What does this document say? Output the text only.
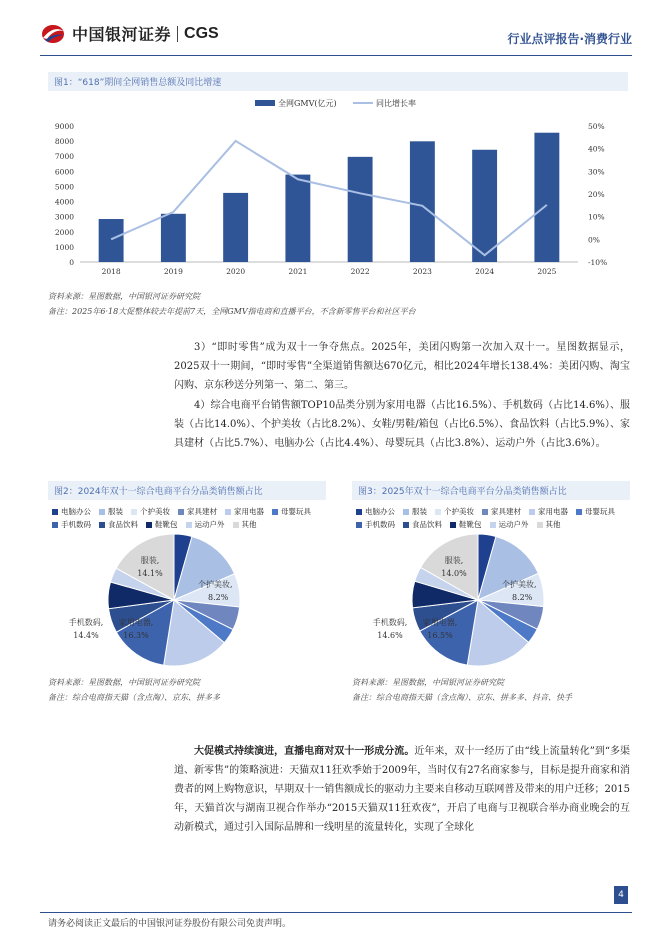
中国银河证券 CGS	行业点评报告·消费行业
图1：“618”期间全网销售总额及同比增速
全网GMV(亿元)	同比增长率
0
1000
2000
3000
4000
5000
6000
7000
8000
9000
-10%
0%
10%
20%
30%
40%
50%
2018	2019	2020	2021	2022	2023	2024	2025
资料来源：星图数据，中国银河证券研究院
备注：2025年6·18大促整体较去年提前7天，全网GMV指电商和直播平台，不含新零售平台和社区平台

3）“即时零售”成为双十一争夺焦点。2025年，美团闪购第一次加入双十一。星图数据显示，2025双十一期间，“即时零售”全渠道销售额达670亿元，相比2024年增长138.4%：美团闪购、淘宝闪购、京东秒送分列第一、第二、第三。

4）综合电商平台销售额TOP10品类分别为家用电器（占比16.5%）、手机数码（占比14.6%）、服装（占比14.0%）、个护美妆（占比8.2%）、女鞋/男鞋/箱包（占比6.5%）、食品饮料（占比5.9%）、家具建材（占比5.7%）、电脑办公（占比4.4%）、母婴玩具（占比3.8%）、运动户外（占比3.6%）。

图2：2024年双十一综合电商平台分品类销售额占比
电脑办公 服装 个护美妆 家具建材 家用电器 母婴玩具
手机数码 食品饮料 鞋靴包 运动户外 其他
服装,
14.1%
个护美妆,
8.2%
家用电器,
16.3%
手机数码,
14.4%
资料来源：星图数据，中国银河证券研究院
备注：综合电商指天猫（含点淘）、京东、拼多多
图3：2025年双十一综合电商平台分品类销售额占比
电脑办公 服装 个护美妆 家具建材 家用电器 母婴玩具
手机数码 食品饮料 鞋靴包 运动户外 其他
服装,
14.0%
个护美妆,
8.2%
家用电器,
16.5%
手机数码,
14.6%
资料来源：星图数据，中国银河证券研究院
备注：综合电商指天猫（含点淘）、京东、拼多多、抖音、快手

大促模式持续演进，直播电商对双十一形成分流。近年来，双十一经历了由“线上流量转化”到“多渠道、新零售”的策略演进：天猫双11狂欢季始于2009年，当时仅有27名商家参与，目标是提升商家和消费者的网上购物意识，早期双十一销售额成长的驱动力主要来自移动互联网普及带来的用户迁移；2015年，天猫首次与湖南卫视合作举办“2015天猫双11狂欢夜”，开启了电商与卫视联合举办商业晚会的互动新模式，通过引入国际品牌和一线明星的流量转化，实现了全球化

4
请务必阅读正文最后的中国银河证券股份有限公司免责声明。
